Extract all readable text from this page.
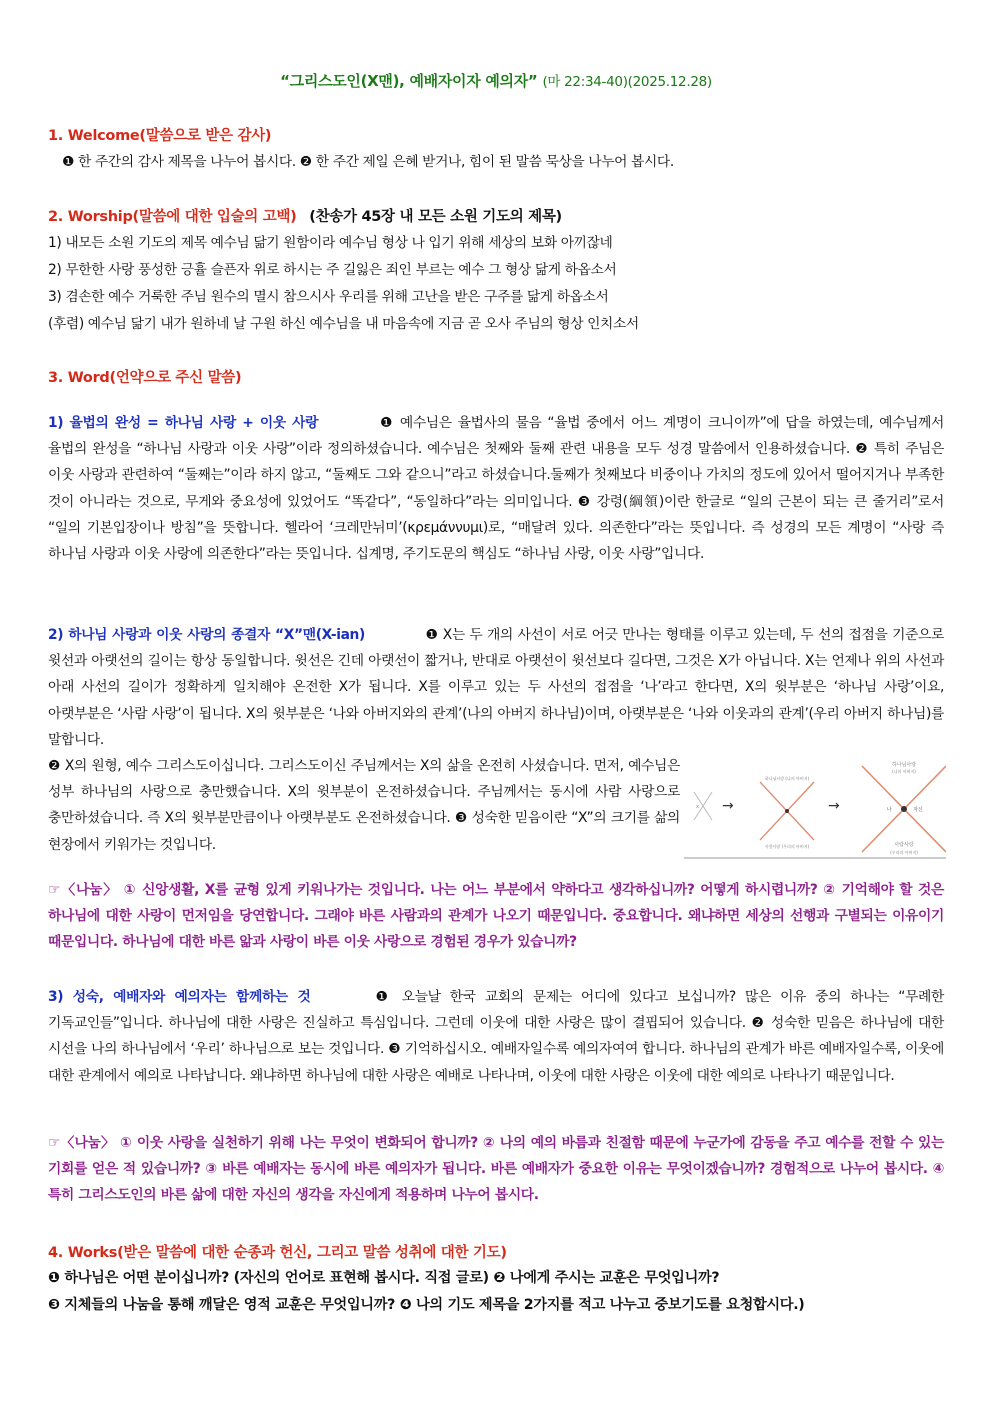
“그리스도인(X맨), 예배자이자 예의자” (마 22:34-40)(2025.12.28)
1. Welcome(말씀으로 받은 감사)
❶ 한 주간의 감사 제목을 나누어 봅시다. ❷ 한 주간 제일 은혜 받거나, 힘이 된 말씀 묵상을 나누어 봅시다.
2. Worship(말씀에 대한 입술의 고백) (찬송가 45장 내 모든 소원 기도의 제목)
1) 내모든 소원 기도의 제목 예수님 닮기 원함이라 예수님 형상 나 입기 위해 세상의 보화 아끼잖네
2) 무한한 사랑 풍성한 긍휼 슬픈자 위로 하시는 주 길잃은 죄인 부르는 예수 그 형상 닮게 하옵소서
3) 겸손한 예수 거룩한 주님 원수의 멸시 참으시사 우리를 위해 고난을 받은 구주를 닮게 하옵소서
(후렴) 예수님 닮기 내가 원하네 날 구원 하신 예수님을 내 마음속에 지금 곧 오사 주님의 형상 인치소서
3. Word(언약으로 주신 말씀)
1) 율법의 완성 = 하나님 사랑 + 이웃 사랑	❶ 예수님은 율법사의 물음 “율법 중에서 어느 계명이 크니이까”에 답을 하였는데, 예수님께서 율법의 완성을 “하나님 사랑과 이웃 사랑”이라 정의하셨습니다. 예수님은 첫째와 둘째 관련 내용을 모두 성경 말씀에서 인용하셨습니다. ❷ 특히 주님은 이웃 사랑과 관련하여 “둘째는”이라 하지 않고, “둘째도 그와 같으니”라고 하셨습니다.둘째가 첫째보다 비중이나 가치의 정도에 있어서 떨어지거나 부족한 것이 아니라는 것으로, 무게와 중요성에 있었어도 “똑같다”, “동일하다”라는 의미입니다. ❸ 강령(綱領)이란 한글로 “일의 근본이 되는 큰 줄거리”로서 “일의 기본입장이나 방침”을 뜻합니다. 헬라어 ‘크레만뉘미’(κρεμάννυμι)로, “매달려 있다. 의존한다”라는 뜻입니다. 즉 성경의 모든 계명이 “사랑 즉 하나님 사랑과 이웃 사랑에 의존한다”라는 뜻입니다. 십계명, 주기도문의 핵심도 “하나님 사랑, 이웃 사랑”입니다.
2) 하나님 사랑과 이웃 사랑의 종결자 “X”맨(X-ian)	❶ X는 두 개의 사선이 서로 어긋 만나는 형태를 이루고 있는데, 두 선의 접점을 기준으로 윗선과 아랫선의 길이는 항상 동일합니다. 윗선은 긴데 아랫선이 짧거나, 반대로 아랫선이 윗선보다 길다면, 그것은 X가 아닙니다. X는 언제나 위의 사선과 아래 사선의 길이가 정확하게 일치해야 온전한 X가 됩니다. X를 이루고 있는 두 사선의 접점을 ‘나’라고 한다면, X의 윗부분은 ‘하나님 사랑’이요, 아랫부분은 ‘사람 사랑’이 됩니다. X의 윗부분은 ‘나와 아버지와의 관계’(나의 아버지 하나님)이며, 아랫부분은 ‘나와 이웃과의 관계’(우리 아버지 하나님)를 말합니다.
❷ X의 원형, 예수 그리스도이십니다. 그리스도이신 주님께서는 X의 삶을 온전히 사셨습니다. 먼저, 예수님은 성부 하나님의 사랑으로 충만했습니다. X의 윗부분이 온전하셨습니다. 주님께서는 동시에 사람 사랑으로 충만하셨습니다. 즉 X의 윗부분만큼이나 아랫부분도 온전하셨습니다. ❸ 성숙한 믿음이란 “X”의 크기를 삶의 현장에서 키워가는 것입니다.
x →
하나님사랑 (나의 아버지)
사람사랑 (우리의 아버지)
→
하나님사랑
(나의 아버지)
나	자신
사람사랑
(우리의 아버지)
☞〈나눔〉 ① 신앙생활, X를 균형 있게 키워나가는 것입니다. 나는 어느 부분에서 약하다고 생각하십니까? 어떻게 하시렵니까? ② 기억해야 할 것은 하나님에 대한 사랑이 먼저임을 당연합니다. 그래야 바른 사람과의 관계가 나오기 때문입니다. 중요합니다. 왜냐하면 세상의 선행과 구별되는 이유이기 때문입니다. 하나님에 대한 바른 앎과 사랑이 바른 이웃 사랑으로 경험된 경우가 있습니까?
3) 성숙, 예배자와 예의자는 함께하는 것	❶ 오늘날 한국 교회의 문제는 어디에 있다고 보십니까? 많은 이유 중의 하나는 “무례한 기독교인들”입니다. 하나님에 대한 사랑은 진실하고 특심입니다. 그런데 이웃에 대한 사랑은 많이 결핍되어 있습니다. ❷ 성숙한 믿음은 하나님에 대한 시선을 나의 하나님에서 ‘우리’ 하나님으로 보는 것입니다. ❸ 기억하십시오. 예배자일수록 예의자여여 합니다. 하나님의 관계가 바른 예배자일수록, 이웃에 대한 관계에서 예의로 나타납니다. 왜냐하면 하나님에 대한 사랑은 예배로 나타나며, 이웃에 대한 사랑은 이웃에 대한 예의로 나타나기 때문입니다.
☞〈나눔〉 ① 이웃 사랑을 실천하기 위해 나는 무엇이 변화되어 합니까? ② 나의 예의 바름과 친절함 때문에 누군가에 감동을 주고 예수를 전할 수 있는 기회를 얻은 적 있습니까? ③ 바른 예배자는 동시에 바른 예의자가 됩니다. 바른 예배자가 중요한 이유는 무엇이겠습니까? 경험적으로 나누어 봅시다. ④ 특히 그리스도인의 바른 삶에 대한 자신의 생각을 자신에게 적용하며 나누어 봅시다.
4. Works(받은 말씀에 대한 순종과 헌신, 그리고 말씀 성취에 대한 기도)
❶ 하나님은 어떤 분이십니까? (자신의 언어로 표현해 봅시다. 직접 글로) ❷ 나에게 주시는 교훈은 무엇입니까?
❸ 지체들의 나눔을 통해 깨달은 영적 교훈은 무엇입니까? ❹ 나의 기도 제목을 2가지를 적고 나누고 중보기도를 요청합시다.)
